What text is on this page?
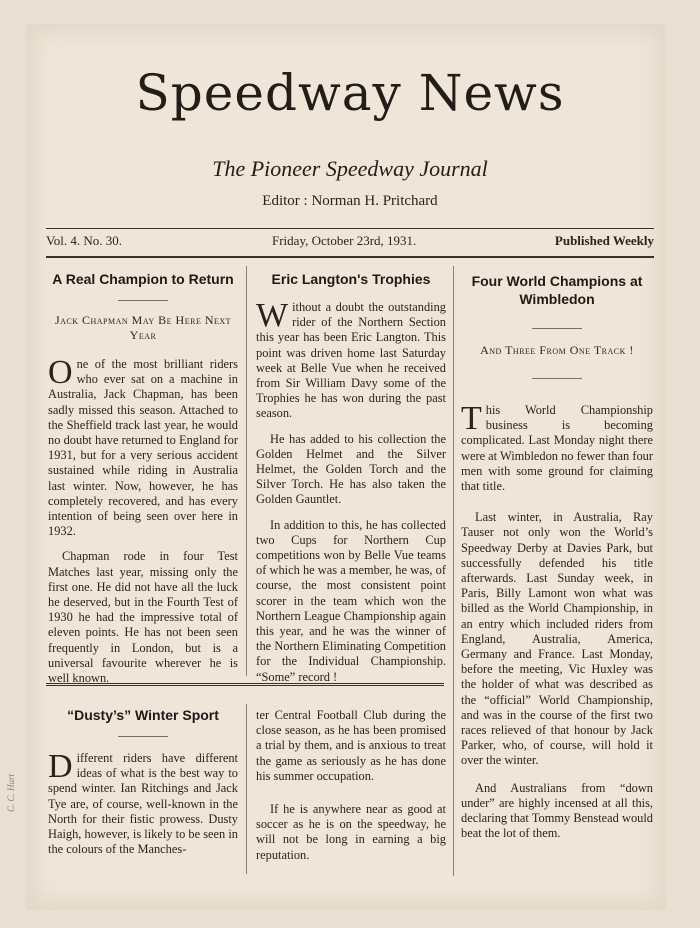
Speedway News
The Pioneer Speedway Journal
Editor : Norman H. Pritchard
Vol. 4. No. 30.	Friday, October 23rd, 1931.	Published Weekly
A Real Champion to Return
Jack Chapman May Be Here Next Year

One of the most brilliant riders who ever sat on a machine in Australia, Jack Chapman, has been sadly missed this season. Attached to the Sheffield track last year, he would no doubt have returned to England for 1931, but for a very serious accident sustained while riding in Australia last winter. Now, however, he has completely recovered, and has every intention of being seen over here in 1932.

Chapman rode in four Test Matches last year, missing only the first one. He did not have all the luck he deserved, but in the Fourth Test of 1930 he had the impressive total of eleven points. He has not been seen frequently in London, but is a universal favourite wherever he is well known.

Eric Langton's Trophies

Without a doubt the outstanding rider of the Northern Section this year has been Eric Langton. This point was driven home last Saturday week at Belle Vue when he received from Sir William Davy some of the Trophies he has won during the past season.

He has added to his collection the Golden Helmet and the Silver Helmet, the Golden Torch and the Silver Torch. He has also taken the Golden Gauntlet.

In addition to this, he has collected two Cups for Northern Cup competitions won by Belle Vue teams of which he was a member, he was, of course, the most consistent point scorer in the team which won the Northern League Championship again this year, and he was the winner of the Northern Eliminating Competition for the Individual Championship. “Some” record !

Four World Champions at Wimbledon
And Three From One Track !

This World Championship business is becoming complicated. Last Monday night there were at Wimbledon no fewer than four men with some ground for claiming that title.

Last winter, in Australia, Ray Tauser not only won the World’s Speedway Derby at Davies Park, but successfully defended his title afterwards. Last Sunday week, in Paris, Billy Lamont won what was billed as the World Championship, in an entry which included riders from England, Australia, America, Germany and France. Last Monday, before the meeting, Vic Huxley was the holder of what was described as the “official” World Championship, and was in the course of the first two races relieved of that honour by Jack Parker, who, of course, will hold it over the winter.

And Australians from “down under” are highly incensed at all this, declaring that Tommy Benstead would beat the lot of them.

“Dusty’s” Winter Sport

Different riders have different ideas of what is the best way to spend winter. Ian Ritchings and Jack Tye are, of course, well-known in the North for their fistic prowess. Dusty Haigh, however, is likely to be seen in the colours of the Manches-

ter Central Football Club during the close season, as he has been promised a trial by them, and is anxious to treat the game as seriously as he has done his summer occupation.

If he is anywhere near as good at soccer as he is on the speedway, he will not be long in earning a big reputation.

C. C. Hart
